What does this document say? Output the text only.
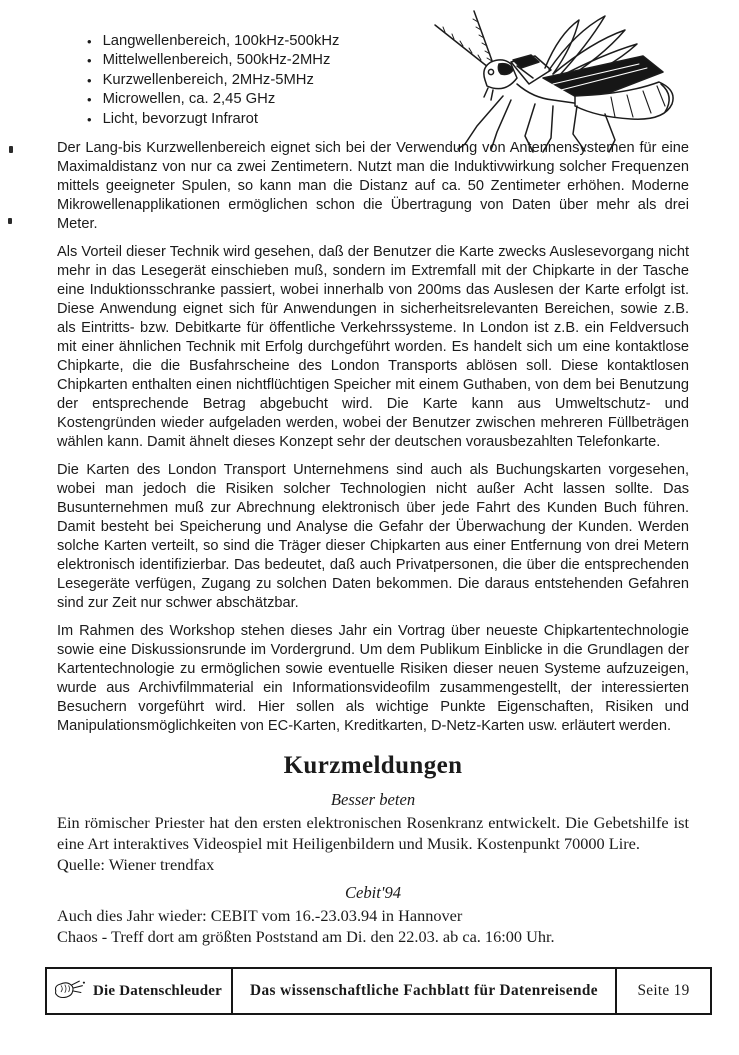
• Langwellenbereich, 100kHz-500kHz
• Mittelwellenbereich, 500kHz-2MHz
• Kurzwellenbereich, 2MHz-5MHz
• Microwellen, ca. 2,45 GHz
• Licht, bevorzugt Infrarot

Der Lang-bis Kurzwellenbereich eignet sich bei der Verwendung von Antennensystemen für eine Maximaldistanz von nur ca zwei Zentimetern. Nutzt man die Induktivwirkung solcher Frequenzen mittels geeigneter Spulen, so kann man die Distanz auf ca. 50 Zentimeter erhöhen. Moderne Mikrowellenapplikationen ermöglichen schon die Übertragung von Daten über mehr als drei Meter.

Als Vorteil dieser Technik wird gesehen, daß der Benutzer die Karte zwecks Auslesevorgang nicht mehr in das Lesegerät einschieben muß, sondern im Extremfall mit der Chipkarte in der Tasche eine Induktionsschranke passiert, wobei innerhalb von 200ms das Auslesen der Karte erfolgt ist. Diese Anwendung eignet sich für Anwendungen in sicherheitsrelevanten Bereichen, sowie z.B. als Eintritts- bzw. Debitkarte für öffentliche Verkehrssysteme. In London ist z.B. ein Feldversuch mit einer ähnlichen Technik mit Erfolg durchgeführt worden. Es handelt sich um eine kontaktlose Chipkarte, die die Busfahrscheine des London Transports ablösen soll. Diese kontaktlosen Chipkarten enthalten einen nichtflüchtigen Speicher mit einem Guthaben, von dem bei Benutzung der entsprechende Betrag abgebucht wird. Die Karte kann aus Umweltschutz- und Kostengründen wieder aufgeladen werden, wobei der Benutzer zwischen mehreren Füllbeträgen wählen kann. Damit ähnelt dieses Konzept sehr der deutschen vorausbezahlten Telefonkarte.

Die Karten des London Transport Unternehmens sind auch als Buchungskarten vorgesehen, wobei man jedoch die Risiken solcher Technologien nicht außer Acht lassen sollte. Das Busunternehmen muß zur Abrechnung elektronisch über jede Fahrt des Kunden Buch führen. Damit besteht bei Speicherung und Analyse die Gefahr der Überwachung der Kunden. Werden solche Karten verteilt, so sind die Träger dieser Chipkarten aus einer Entfernung von drei Metern elektronisch identifizierbar. Das bedeutet, daß auch Privatpersonen, die über die entsprechenden Lesegeräte verfügen, Zugang zu solchen Daten bekommen. Die daraus entstehenden Gefahren sind zur Zeit nur schwer abschätzbar.

Im Rahmen des Workshop stehen dieses Jahr ein Vortrag über neueste Chipkartentechnologie sowie eine Diskussionsrunde im Vordergrund. Um dem Publikum Einblicke in die Grundlagen der Kartentechnologie zu ermöglichen sowie eventuelle Risiken dieser neuen Systeme aufzuzeigen, wurde aus Archivfilmmaterial ein Informationsvideofilm zusammengestellt, der interessierten Besuchern vorgeführt wird. Hier sollen als wichtige Punkte Eigenschaften, Risiken und Manipulationsmöglichkeiten von EC-Karten, Kreditkarten, D-Netz-Karten usw. erläutert werden.

Kurzmeldungen
Besser beten

Ein römischer Priester hat den ersten elektronischen Rosenkranz entwickelt. Die Gebetshilfe ist eine Art interaktives Videospiel mit Heiligenbildern und Musik. Kostenpunkt 70000 Lire.

Quelle: Wiener trendfax

Cebit'94

Auch dies Jahr wieder: CEBIT vom 16.-23.03.94 in Hannover

Chaos - Treff dort am größten Poststand am Di. den 22.03. ab ca. 16:00 Uhr.

Die Datenschleuder	Das wissenschaftliche Fachblatt für Datenreisende	Seite 19
